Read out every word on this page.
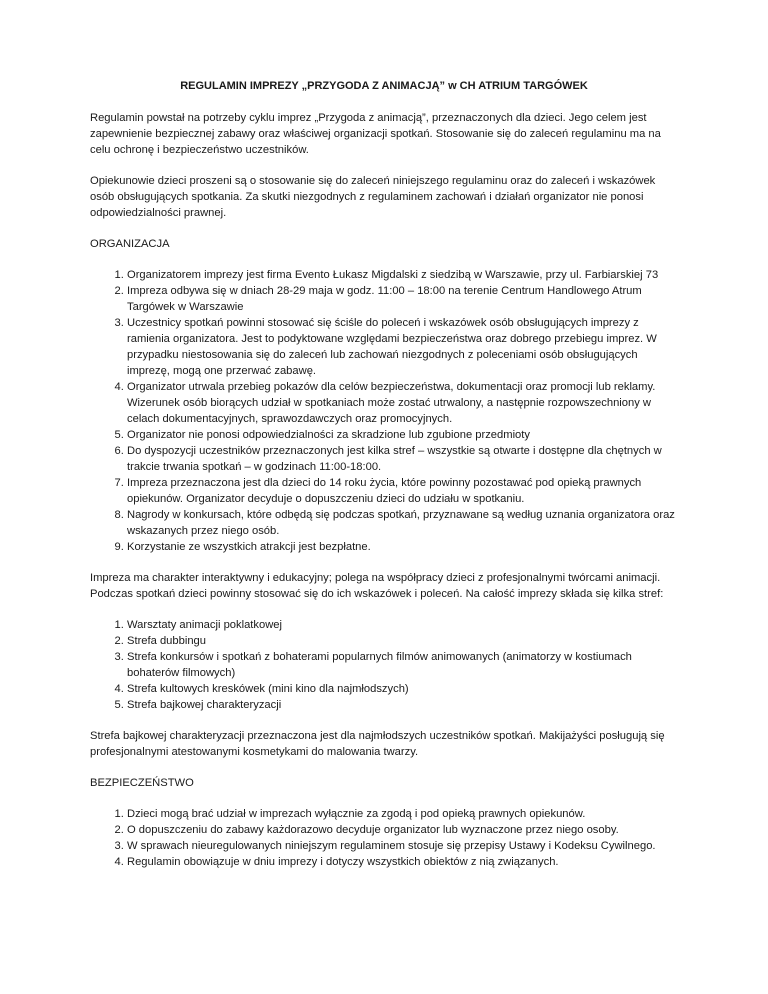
REGULAMIN IMPREZY „PRZYGODA Z ANIMACJĄ” w CH ATRIUM TARGÓWEK

Regulamin powstał na potrzeby cyklu imprez „Przygoda z animacją”, przeznaczonych dla dzieci. Jego celem jest zapewnienie bezpiecznej zabawy oraz właściwej organizacji spotkań. Stosowanie się do zaleceń regulaminu ma na celu ochronę i bezpieczeństwo uczestników.

Opiekunowie dzieci proszeni są o stosowanie się do zaleceń niniejszego regulaminu oraz do zaleceń i wskazówek osób obsługujących spotkania. Za skutki niezgodnych z regulaminem zachowań i działań organizator nie ponosi odpowiedzialności prawnej.

ORGANIZACJA
1. Organizatorem imprezy jest firma Evento Łukasz Migdalski z siedzibą w Warszawie, przy ul. Farbiarskiej 73
2. Impreza odbywa się w dniach 28-29 maja w godz. 11:00 – 18:00 na terenie Centrum Handlowego Atrum Targówek w Warszawie
3. Uczestnicy spotkań powinni stosować się ściśle do poleceń i wskazówek osób obsługujących imprezy z ramienia organizatora. Jest to podyktowane względami bezpieczeństwa oraz dobrego przebiegu imprez. W przypadku niestosowania się do zaleceń lub zachowań niezgodnych z poleceniami osób obsługujących imprezę, mogą one przerwać zabawę.
4. Organizator utrwala przebieg pokazów dla celów bezpieczeństwa, dokumentacji oraz promocji lub reklamy. Wizerunek osób biorących udział w spotkaniach może zostać utrwalony, a następnie rozpowszechniony w celach dokumentacyjnych, sprawozdawczych oraz promocyjnych.
5. Organizator nie ponosi odpowiedzialności za skradzione lub zgubione przedmioty
6. Do dyspozycji uczestników przeznaczonych jest kilka stref – wszystkie są otwarte i dostępne dla chętnych w trakcie trwania spotkań – w godzinach 11:00-18:00.
7. Impreza przeznaczona jest dla dzieci do 14 roku życia, które powinny pozostawać pod opieką prawnych opiekunów. Organizator decyduje o dopuszczeniu dzieci do udziału w spotkaniu.
8. Nagrody w konkursach, które odbędą się podczas spotkań, przyznawane są według uznania organizatora oraz wskazanych przez niego osób.
9. Korzystanie ze wszystkich atrakcji jest bezpłatne.

Impreza ma charakter interaktywny i edukacyjny; polega na współpracy dzieci z profesjonalnymi twórcami animacji. Podczas spotkań dzieci powinny stosować się do ich wskazówek i poleceń. Na całość imprezy składa się kilka stref:

1. Warsztaty animacji poklatkowej
2. Strefa dubbingu
3. Strefa konkursów i spotkań z bohaterami popularnych filmów animowanych (animatorzy w kostiumach bohaterów filmowych)
4. Strefa kultowych kreskówek (mini kino dla najmłodszych)
5. Strefa bajkowej charakteryzacji

Strefa bajkowej charakteryzacji przeznaczona jest dla najmłodszych uczestników spotkań. Makijażyści posługują się profesjonalnymi atestowanymi kosmetykami do malowania twarzy.

BEZPIECZEŃSTWO
1. Dzieci mogą brać udział w imprezach wyłącznie za zgodą i pod opieką prawnych opiekunów.
2. O dopuszczeniu do zabawy każdorazowo decyduje organizator lub wyznaczone przez niego osoby.
3. W sprawach nieuregulowanych niniejszym regulaminem stosuje się przepisy Ustawy i Kodeksu Cywilnego.
4. Regulamin obowiązuje w dniu imprezy i dotyczy wszystkich obiektów z nią związanych.
